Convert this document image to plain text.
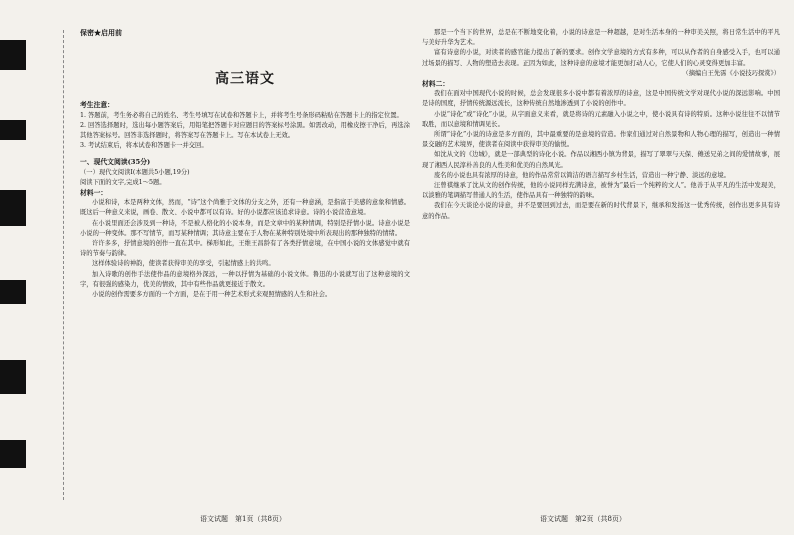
保密★启用前
高三语文
考生注意：

1. 答题前，考生务必将自己的姓名、考生号填写在试卷和答题卡上，并将考生号条形码粘贴在答题卡上的指定位置。

2. 回答选择题时，选出每小题答案后，用铅笔把答题卡对应题目的答案标号涂黑。如需改动，用橡皮擦干净后，再选涂其他答案标号。回答非选择题时，将答案写在答题卡上。写在本试卷上无效。

3. 考试结束后，将本试卷和答题卡一并交回。

一、现代文阅读(35分)

（一）现代文阅读Ⅰ(本题共5小题,19分)

阅读下面的文字,完成1～5题。

材料一：

小说和诗，本是两种文体，然而，“诗”这个尚雅于文体的分支之外，还有一种意涵，是指富于美感的意象和情感。既这后一种意义来说，画卷、散文、小说中都可以有诗。好的小说都应该追求诗意。诗的小说营造意境。

在小说里面还会涉及到一种诗，不是被人格化的小说本身，而是文章中的某种情调，特别是抒情小说。诗意小说是小说的一种变体。那不写情节，而写某种情调；其诗意主要在于人物在某种特别处境中所表现出的那种独特的情绪。

许许多多，抒情意境的创作一直在其中。梯形如此，王维王昌龄有了各类抒情意境，在中国小说的文体感觉中就有诗的节奏与韵律。

这样体验诗的神韵，使读者获得审美的享受，引起情感上的共鸣。

加入诗歌的创作手法使作品的意境格外深远，一种以抒情为基础的小说文体。鲁迅的小说就写出了这种意境的文字，有很强的感染力，优美的情致，其中有些作品就更接近于散文。

小说的创作需要多方面的一个方面，是在于用一种艺术形式来观照情感的人生和社会。

语文试题　第1页（共8页）

那是一个当下的世界，总是在不断地变化着，小说的诗意是一种超越，是对生活本身的一种审美关照，将日常生活中的平凡与美好升华为艺术。

富有诗意的小说，对读者的感官能力提出了新的要求。创作文学意境的方式有多种，可以从作者的自身感受入手，也可以通过场景的描写、人物的塑造去表现。正因为如此，这种诗意的意境才能更加打动人心，它使人们的心灵变得更加丰富。

（摘编自王先霈《小说技巧探赏》）

材料二：

我们在面对中国现代小说的时候，总会发现很多小说中都有着浓厚的诗意，这是中国传统文学对现代小说的深远影响。中国是诗的国度，抒情传统源远流长，这种传统自然地渗透到了小说的创作中。

小说“诗化”或“诗化”小说，从字面意义来看，就是将诗的元素融入小说之中，使小说具有诗的特质。这种小说往往不以情节取胜，而以意境和情调见长。

所谓“诗化”小说的诗意是多方面的，其中最重要的是意境的营造。作家们通过对自然景物和人物心理的描写，创造出一种情景交融的艺术境界，使读者在阅读中获得审美的愉悦。

如沈从文的《边城》，就是一部典型的诗化小说。作品以湘西小镇为背景，描写了翠翠与天保、傩送兄弟之间的爱情故事，展现了湘西人民淳朴善良的人性美和优美的自然风光。

废名的小说也具有浓厚的诗意，他的作品常常以简洁的语言描写乡村生活，营造出一种宁静、淡远的意境。

汪曾祺继承了沈从文的创作传统，他的小说同样充满诗意，被誉为“最后一个纯粹的文人”。他善于从平凡的生活中发现美，以淡雅的笔调描写普通人的生活，使作品具有一种独特的韵味。

我们在今天谈论小说的诗意，并不是要回到过去，而是要在新的时代背景下，继承和发扬这一优秀传统，创作出更多具有诗意的作品。

语文试题　第2页（共8页）
